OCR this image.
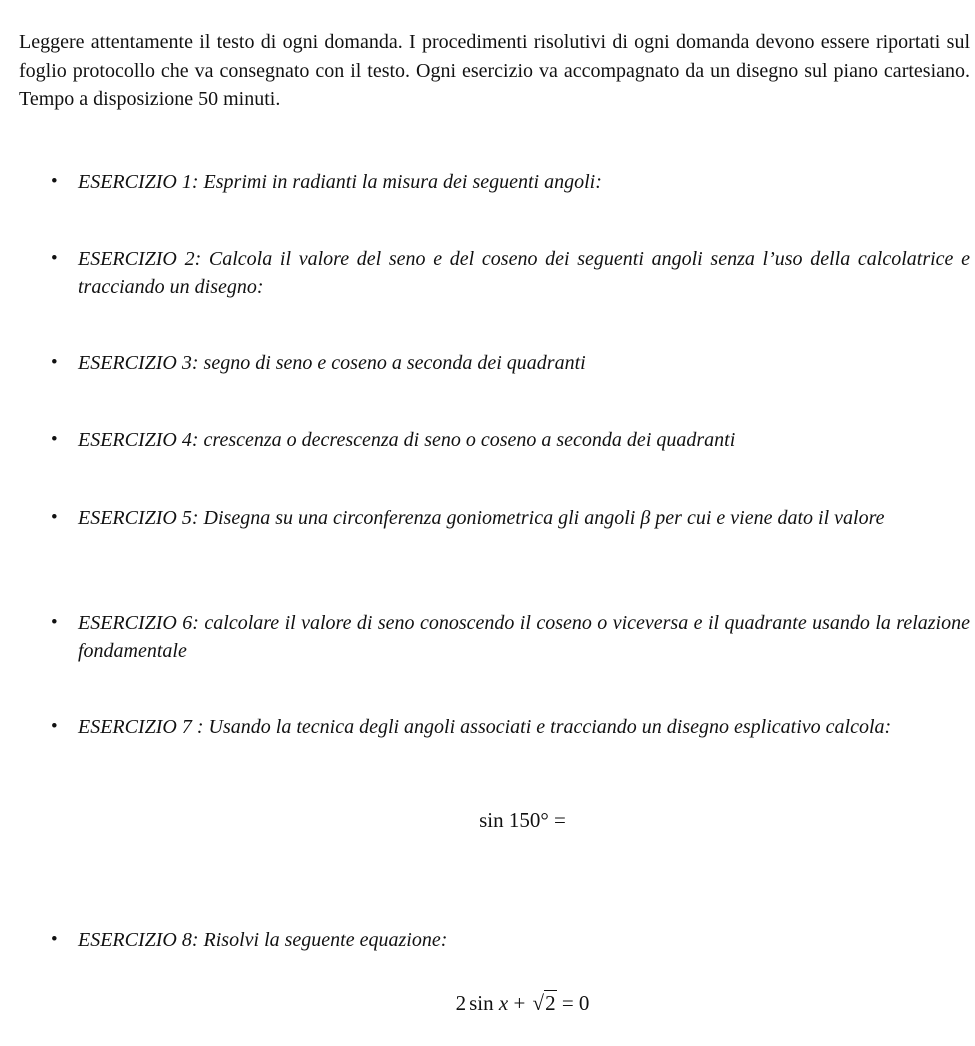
Leggere attentamente il testo di ogni domanda. I procedimenti risolutivi di ogni domanda devono essere riportati sul foglio protocollo che va consegnato con il testo. Ogni esercizio va accompagnato da un disegno sul piano cartesiano. Tempo a disposizione 50 minuti.
• ESERCIZIO 1: Esprimi in radianti la misura dei seguenti angoli:
• ESERCIZIO 2: Calcola il valore del seno e del coseno dei seguenti angoli senza l’uso della calcolatrice e tracciando un disegno:
• ESERCIZIO 3: segno di seno e coseno a seconda dei quadranti
• ESERCIZIO 4: crescenza o decrescenza di seno o coseno a seconda dei quadranti
• ESERCIZIO 5: Disegna su una circonferenza goniometrica gli angoli β per cui e viene dato il valore
• ESERCIZIO 6: calcolare il valore di seno conoscendo il coseno o viceversa e il quadrante usando la relazione fondamentale
• ESERCIZIO 7 : Usando la tecnica degli angoli associati e tracciando un disegno esplicativo calcola:
sin 150° =
• ESERCIZIO 8: Risolvi la seguente equazione:
2 sin x + √2 = 0
